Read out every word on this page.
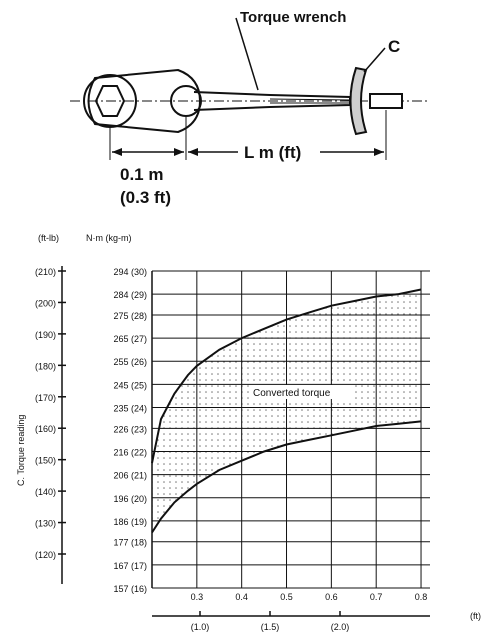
Torque wrench
C
0.1 m
(0.3 ft)
L m (ft)
Converted torque
294 (30)
284 (29)
275 (28)
265 (27)
255 (26)
245 (25)
235 (24)
226 (23)
216 (22)
206 (21)
196 (20)
186 (19)
177 (18)
167 (17)
157 (16)
(210)
(200)
(190)
(180)
(170)
(160)
(150)
(140)
(130)
(120)
(ft-lb)	N·m (kg-m)
C. Torque reading
0.3	0.4	0.5	0.6	0.7	0.8
(1.0)	(1.5)	(2.0)
(ft)
